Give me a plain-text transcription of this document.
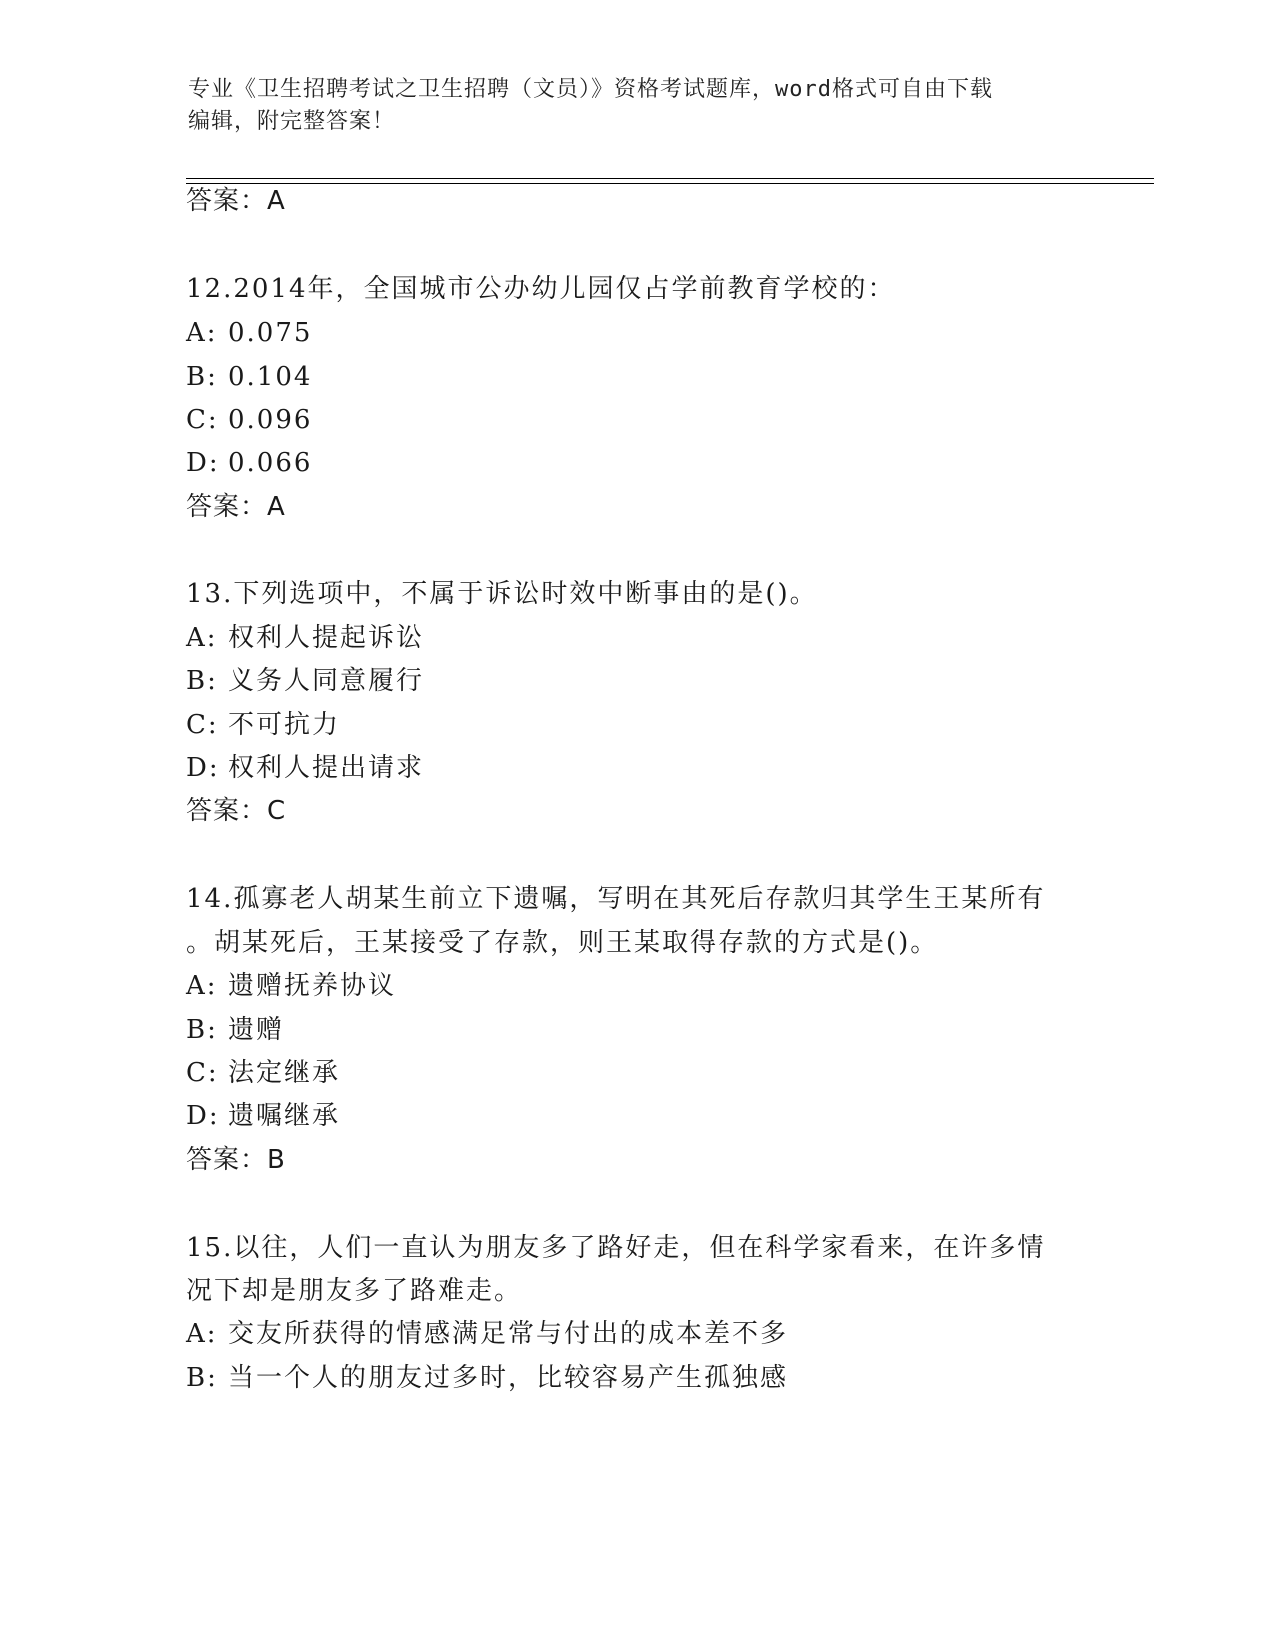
专业《卫生招聘考试之卫生招聘（文员）》资格考试题库，word格式可自由下载
编辑，附完整答案！
答案：A
12.2014年，全国城市公办幼儿园仅占学前教育学校的：
A: 0.075
B: 0.104
C: 0.096
D: 0.066
答案：A
13.下列选项中，不属于诉讼时效中断事由的是()。
A: 权利人提起诉讼
B: 义务人同意履行
C: 不可抗力
D: 权利人提出请求
答案：C
14.孤寡老人胡某生前立下遗嘱，写明在其死后存款归其学生王某所有
。胡某死后，王某接受了存款，则王某取得存款的方式是()。
A: 遗赠抚养协议
B: 遗赠
C: 法定继承
D: 遗嘱继承
答案：B
15.以往，人们一直认为朋友多了路好走，但在科学家看来，在许多情
况下却是朋友多了路难走。
A: 交友所获得的情感满足常与付出的成本差不多
B: 当一个人的朋友过多时，比较容易产生孤独感
